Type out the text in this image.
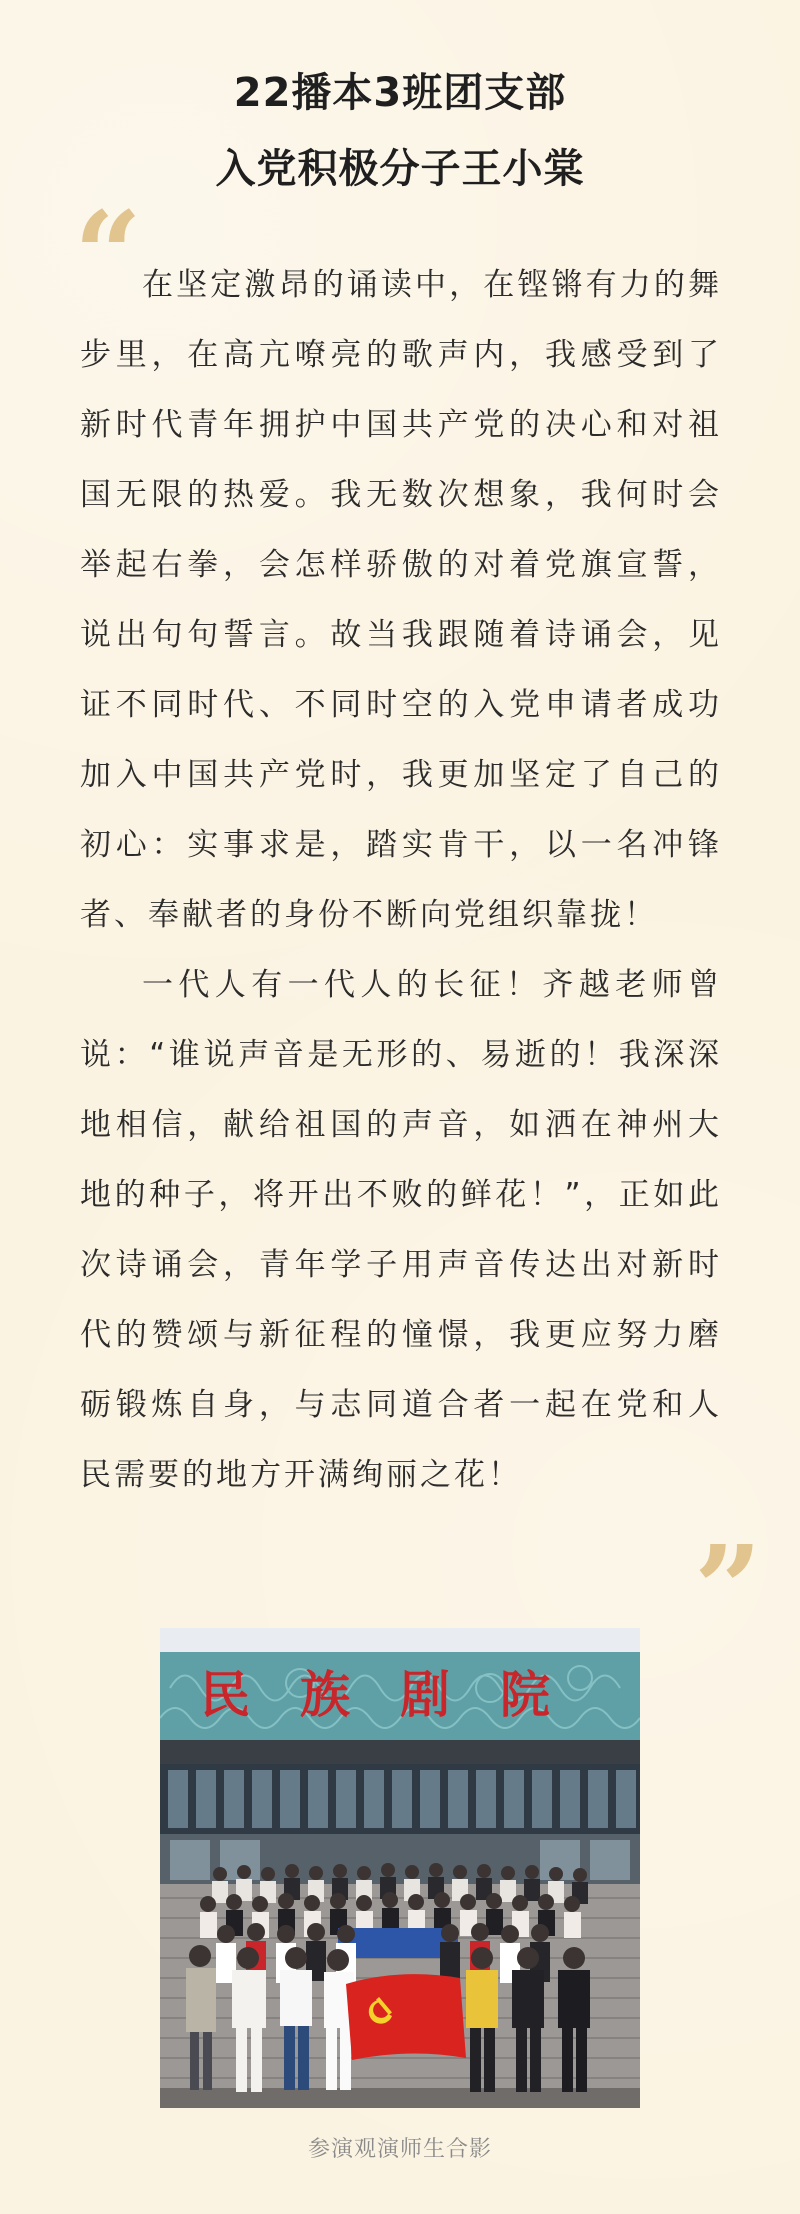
22播本3班团支部
入党积极分子王小棠
“ 在坚定激昂的诵读中，在铿锵有力的舞步里，在高亢嘹亮的歌声内，我感受到了新时代青年拥护中国共产党的决心和对祖国无限的热爱。我无数次想象，我何时会举起右拳，会怎样骄傲的对着党旗宣誓，说出句句誓言。故当我跟随着诗诵会，见证不同时代、不同时空的入党申请者成功加入中国共产党时，我更加坚定了自己的初心：实事求是，踏实肯干，以一名冲锋者、奉献者的身份不断向党组织靠拢！

一代人有一代人的长征！齐越老师曾说：“谁说声音是无形的、易逝的！我深深地相信，献给祖国的声音，如洒在神州大地的种子，将开出不败的鲜花！”，正如此次诗诵会，青年学子用声音传达出对新时代的赞颂与新征程的憧憬，我更应努力磨砺锻炼自身，与志同道合者一起在党和人民需要的地方开满绚丽之花！

”
民族剧院
参演观演师生合影
